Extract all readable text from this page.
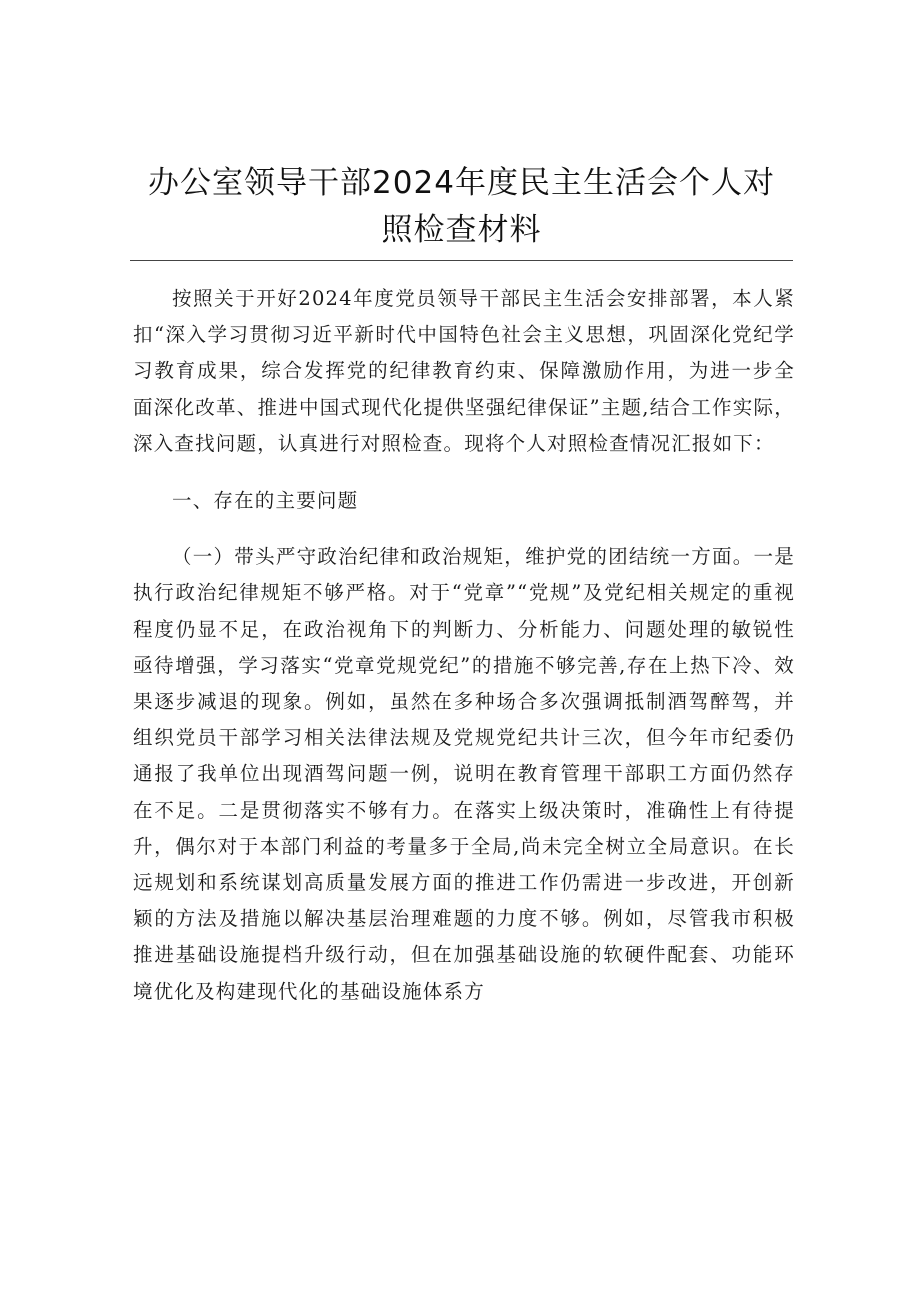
办公室领导干部2024年度民主生活会个人对
照检查材料

按照关于开好2024年度党员领导干部民主生活会安排部署，本人紧扣“深入学习贯彻习近平新时代中国特色社会主义思想，巩固深化党纪学习教育成果，综合发挥党的纪律教育约束、保障激励作用，为进一步全面深化改革、推进中国式现代化提供坚强纪律保证”主题,结合工作实际，深入查找问题，认真进行对照检查。现将个人对照检查情况汇报如下：

一、存在的主要问题

（一）带头严守政治纪律和政治规矩，维护党的团结统一方面。一是执行政治纪律规矩不够严格。对于“党章”“党规”及党纪相关规定的重视程度仍显不足，在政治视角下的判断力、分析能力、问题处理的敏锐性亟待增强，学习落实“党章党规党纪”的措施不够完善,存在上热下冷、效果逐步减退的现象。例如，虽然在多种场合多次强调抵制酒驾醉驾，并组织党员干部学习相关法律法规及党规党纪共计三次，但今年市纪委仍通报了我单位出现酒驾问题一例，说明在教育管理干部职工方面仍然存在不足。二是贯彻落实不够有力。在落实上级决策时，准确性上有待提升，偶尔对于本部门利益的考量多于全局,尚未完全树立全局意识。在长远规划和系统谋划高质量发展方面的推进工作仍需进一步改进，开创新颖的方法及措施以解决基层治理难题的力度不够。例如，尽管我市积极推进基础设施提档升级行动，但在加强基础设施的软硬件配套、功能环境优化及构建现代化的基础设施体系方
